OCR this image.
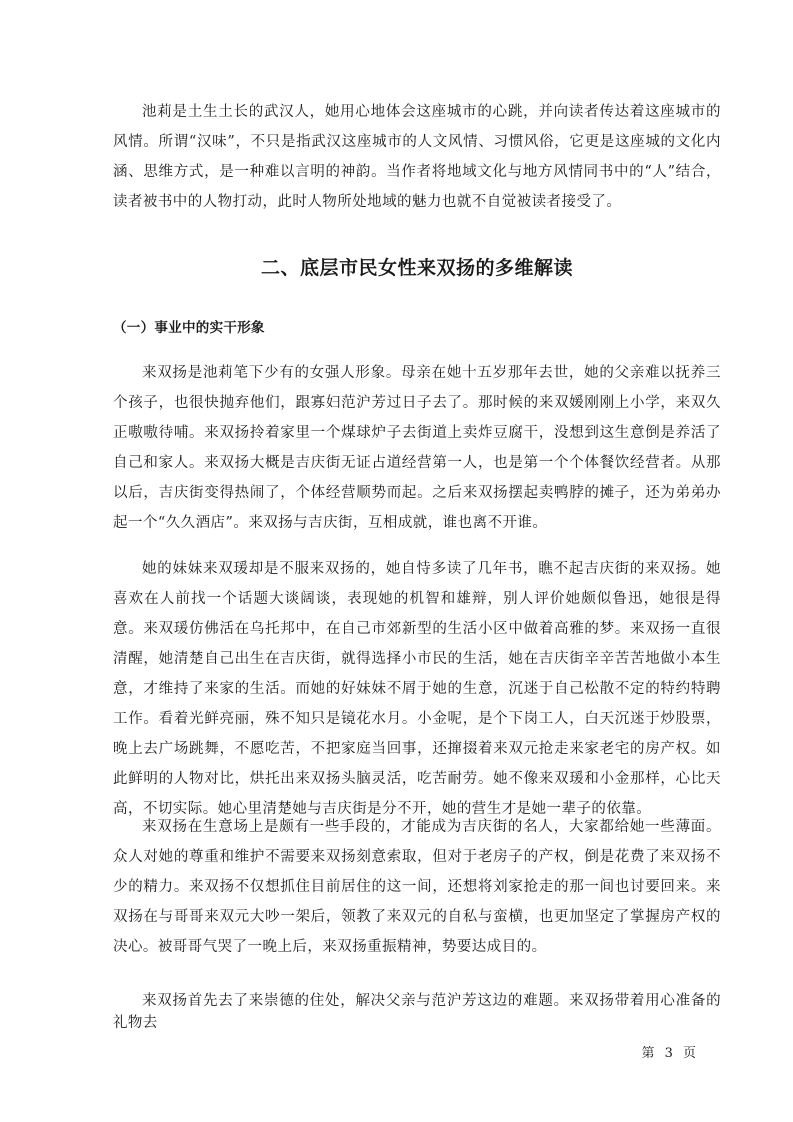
池莉是土生土长的武汉人，她用心地体会这座城市的心跳，并向读者传达着这座城市的风情。所谓“汉味”，不只是指武汉这座城市的人文风情、习惯风俗，它更是这座城的文化内涵、思维方式，是一种难以言明的神韵。当作者将地域文化与地方风情同书中的“人”结合，读者被书中的人物打动，此时人物所处地域的魅力也就不自觉被读者接受了。

二、底层市民女性来双扬的多维解读
（一）事业中的实干形象

来双扬是池莉笔下少有的女强人形象。母亲在她十五岁那年去世，她的父亲难以抚养三个孩子，也很快抛弃他们，跟寡妇范沪芳过日子去了。那时候的来双媛刚刚上小学，来双久正嗷嗷待哺。来双扬拎着家里一个煤球炉子去街道上卖炸豆腐干，没想到这生意倒是养活了自己和家人。来双扬大概是吉庆街无证占道经营第一人，也是第一个个体餐饮经营者。从那以后，吉庆街变得热闹了，个体经营顺势而起。之后来双扬摆起卖鸭脖的摊子，还为弟弟办起一个“久久酒店”。来双扬与吉庆街，互相成就，谁也离不开谁。

她的妹妹来双瑗却是不服来双扬的，她自恃多读了几年书，瞧不起吉庆街的来双扬。她喜欢在人前找一个话题大谈阔谈，表现她的机智和雄辩，别人评价她颇似鲁迅，她很是得意。来双瑗仿佛活在乌托邦中，在自己市郊新型的生活小区中做着高雅的梦。来双扬一直很清醒，她清楚自己出生在吉庆街，就得选择小市民的生活，她在吉庆街辛辛苦苦地做小本生意，才维持了来家的生活。而她的好妹妹不屑于她的生意，沉迷于自己松散不定的特约特聘工作。看着光鲜亮丽，殊不知只是镜花水月。小金呢，是个下岗工人，白天沉迷于炒股票，晚上去广场跳舞，不愿吃苦，不把家庭当回事，还撺掇着来双元抢走来家老宅的房产权。如此鲜明的人物对比，烘托出来双扬头脑灵活，吃苦耐劳。她不像来双瑗和小金那样，心比天高，不切实际。她心里清楚她与吉庆街是分不开，她的营生才是她一辈子的依靠。

来双扬在生意场上是颇有一些手段的，才能成为吉庆街的名人，大家都给她一些薄面。众人对她的尊重和维护不需要来双扬刻意索取，但对于老房子的产权，倒是花费了来双扬不少的精力。来双扬不仅想抓住目前居住的这一间，还想将刘家抢走的那一间也讨要回来。来双扬在与哥哥来双元大吵一架后，领教了来双元的自私与蛮横，也更加坚定了掌握房产权的决心。被哥哥气哭了一晚上后，来双扬重振精神，势要达成目的。

来双扬首先去了来崇德的住处，解决父亲与范沪芳这边的难题。来双扬带着用心准备的礼物去

第 3 页
